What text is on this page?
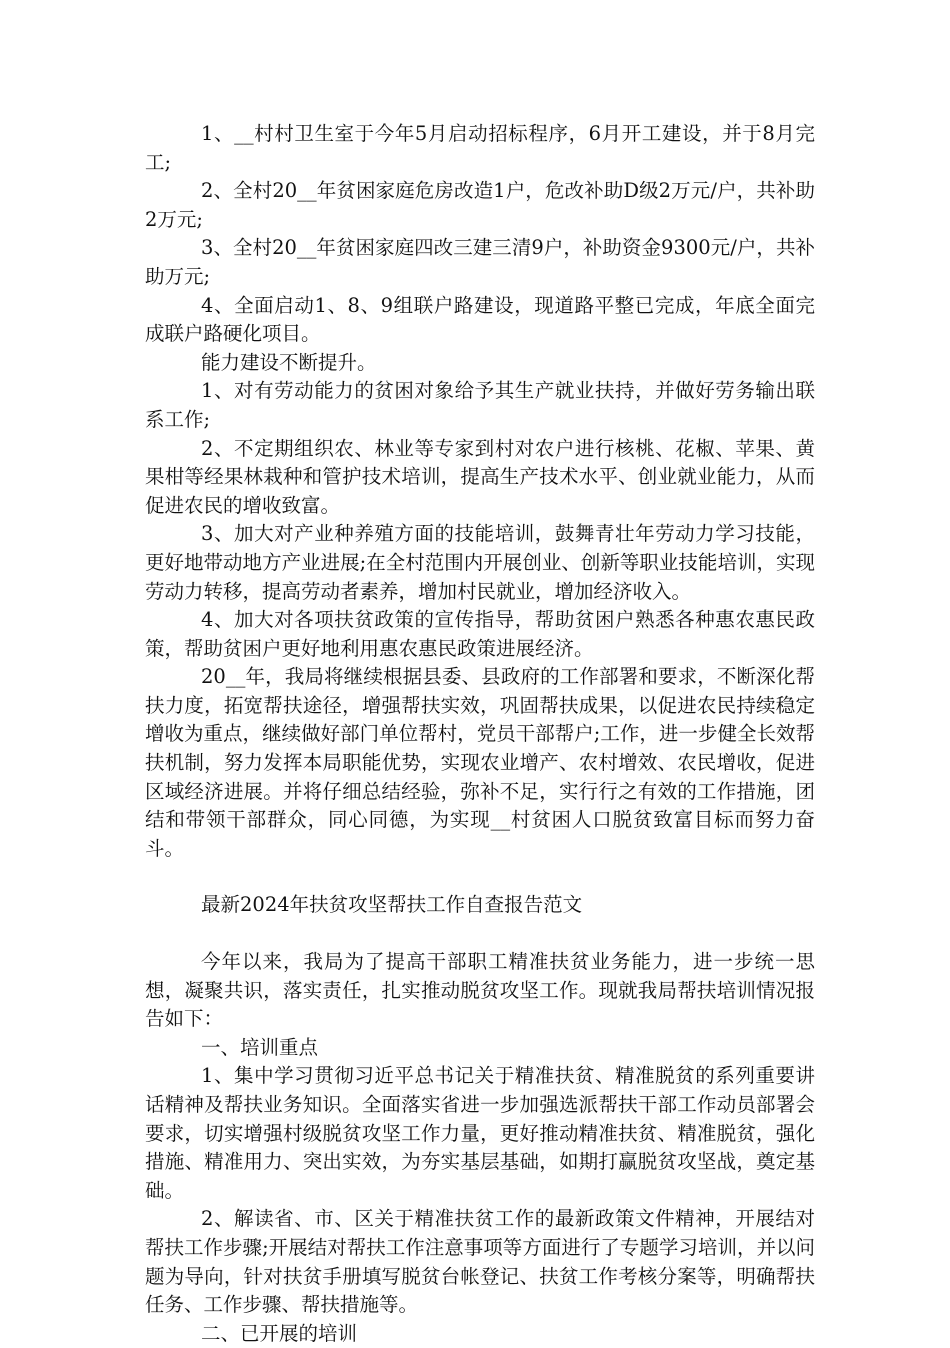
1、__村村卫生室于今年5月启动招标程序，6月开工建设，并于8月完工;

2、全村20__年贫困家庭危房改造1户，危改补助D级2万元/户，共补助2万元;

3、全村20__年贫困家庭四改三建三清9户，补助资金9300元/户，共补助万元;

4、全面启动1、8、9组联户路建设，现道路平整已完成，年底全面完成联户路硬化项目。

能力建设不断提升。

1、对有劳动能力的贫困对象给予其生产就业扶持，并做好劳务输出联系工作;

2、不定期组织农、林业等专家到村对农户进行核桃、花椒、苹果、黄果柑等经果林栽种和管护技术培训，提高生产技术水平、创业就业能力，从而促进农民的增收致富。

3、加大对产业种养殖方面的技能培训，鼓舞青壮年劳动力学习技能，更好地带动地方产业进展;在全村范围内开展创业、创新等职业技能培训，实现劳动力转移，提高劳动者素养，增加村民就业，增加经济收入。

4、加大对各项扶贫政策的宣传指导，帮助贫困户熟悉各种惠农惠民政策，帮助贫困户更好地利用惠农惠民政策进展经济。

20__年，我局将继续根据县委、县政府的工作部署和要求，不断深化帮扶力度，拓宽帮扶途径，增强帮扶实效，巩固帮扶成果，以促进农民持续稳定增收为重点，继续做好部门单位帮村，党员干部帮户;工作，进一步健全长效帮扶机制，努力发挥本局职能优势，实现农业增产、农村增效、农民增收，促进区域经济进展。并将仔细总结经验，弥补不足，实行行之有效的工作措施，团结和带领干部群众，同心同德，为实现__村贫困人口脱贫致富目标而努力奋斗。

最新2024年扶贫攻坚帮扶工作自查报告范文

今年以来，我局为了提高干部职工精准扶贫业务能力，进一步统一思想，凝聚共识，落实责任，扎实推动脱贫攻坚工作。现就我局帮扶培训情况报告如下：

一、培训重点

1、集中学习贯彻习近平总书记关于精准扶贫、精准脱贫的系列重要讲话精神及帮扶业务知识。全面落实省进一步加强选派帮扶干部工作动员部署会要求，切实增强村级脱贫攻坚工作力量，更好推动精准扶贫、精准脱贫，强化措施、精准用力、突出实效，为夯实基层基础，如期打赢脱贫攻坚战，奠定基础。

2、解读省、市、区关于精准扶贫工作的最新政策文件精神，开展结对帮扶工作步骤;开展结对帮扶工作注意事项等方面进行了专题学习培训，并以问题为导向，针对扶贫手册填写脱贫台帐登记、扶贫工作考核分案等，明确帮扶任务、工作步骤、帮扶措施等。

二、已开展的培训
